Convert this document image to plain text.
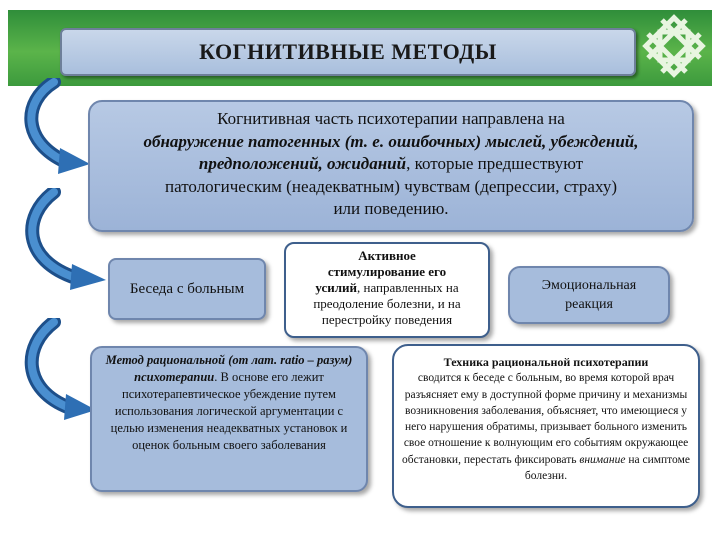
КОГНИТИВНЫЕ МЕТОДЫ
Когнитивная часть психотерапии направлена на
обнаружение патогенных (т. е. ошибочных) мыслей, убеждений,
предположений, ожиданий, которые предшествуют
патологическим (неадекватным) чувствам (депрессии, страху)
или поведению.
Беседа с больным
Активное
стимулирование его
усилий, направленных на
преодоление болезни, и на
перестройку поведения
Эмоциональная
реакция
Метод рациональной (от лат. ratio – разум) психотерапии. В основе его лежит психотерапевтическое убеждение путем использования логической аргументации с целью изменения неадекватных установок и оценок больным своего заболевания
Техника рациональной психотерапии
сводится к беседе с больным, во время которой врач разъясняет ему в доступной форме причину и механизмы возникновения заболевания, объясняет, что имеющиеся у него нарушения обратимы, призывает больного изменить свое отношение к волнующим его событиям окружающее обстановки, перестать фиксировать внимание на симптоме болезни.
